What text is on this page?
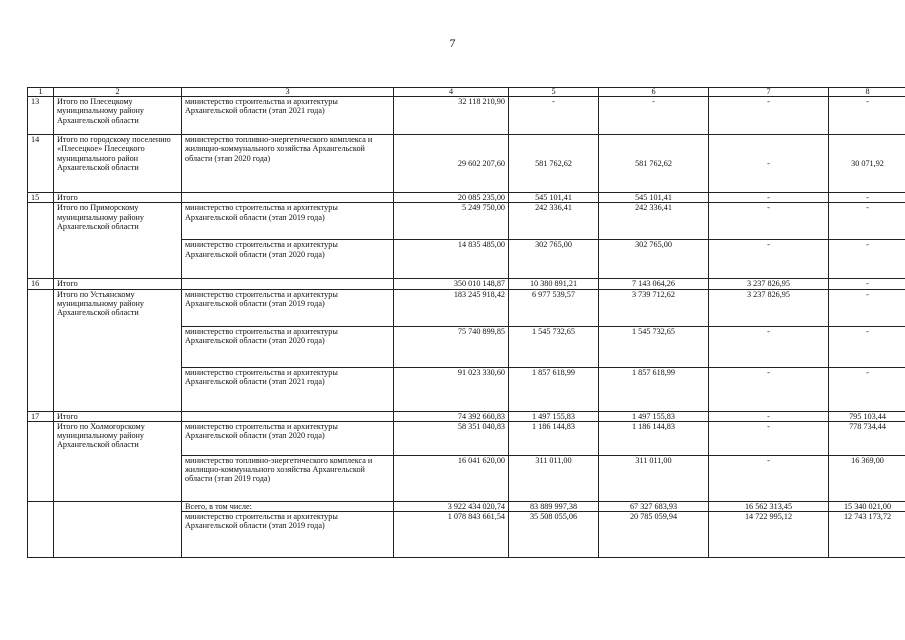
7
1	2	3	4	5	6	7	8
13	Итого по Плесецкому муниципальному району Архангельской области	министерство строительства и архитектуры Архангельской области (этап 2021 года)	32 118 210,90	-	-	-	-
14	Итого по городскому поселению «Плесецкое» Плесецкого муниципального район Архангельской области	министерство топливно-энергетического комплекса и жилищно-коммунального хозяйства Архангельской области (этап 2020 года)	29 602 207,60	581 762,62	581 762,62	-	30 071,92
15	Итого		20 085 235,00	545 101,41	545 101,41	-	-
	Итого по Приморскому муниципальному району Архангельской области	министерство строительства и архитектуры Архангельской области (этап 2019 года)	5 249 750,00	242 336,41	242 336,41	-	-
		министерство строительства и архитектуры Архангельской области (этап 2020 года)	14 835 485,00	302 765,00	302 765,00	-	-
16	Итого		350 010 148,87	10 380 891,21	7 143 064,26	3 237 826,95	-
	Итого по Устьянскому муниципальному району Архангельской области	министерство строительства и архитектуры Архангельской области (этап 2019 года)	183 245 918,42	6 977 539,57	3 739 712,62	3 237 826,95	-
		министерство строительства и архитектуры Архангельской области (этап 2020 года)	75 740 899,85	1 545 732,65	1 545 732,65	-	-
		министерство строительства и архитектуры Архангельской области (этап 2021 года)	91 023 330,60	1 857 618,99	1 857 618,99	-	-
17	Итого		74 392 660,83	1 497 155,83	1 497 155,83	-	795 103,44
	Итого по Холмогорскому муниципальному району Архангельской области	министерство строительства и архитектуры Архангельской области (этап 2020 года)	58 351 040,83	1 186 144,83	1 186 144,83	-	778 734,44
		министерство топливно-энергетического комплекса и жилищно-коммунального хозяйства Архангельской области (этап 2019 года)	16 041 620,00	311 011,00	311 011,00	-	16 369,00
		Всего, в том числе:	3 922 434 020,74	83 889 997,38	67 327 683,93	16 562 313,45	15 340 021,00
		министерство строительства и архитектуры Архангельской области (этап 2019 года)	1 078 843 661,54	35 508 055,06	20 785 059,94	14 722 995,12	12 743 173,72
